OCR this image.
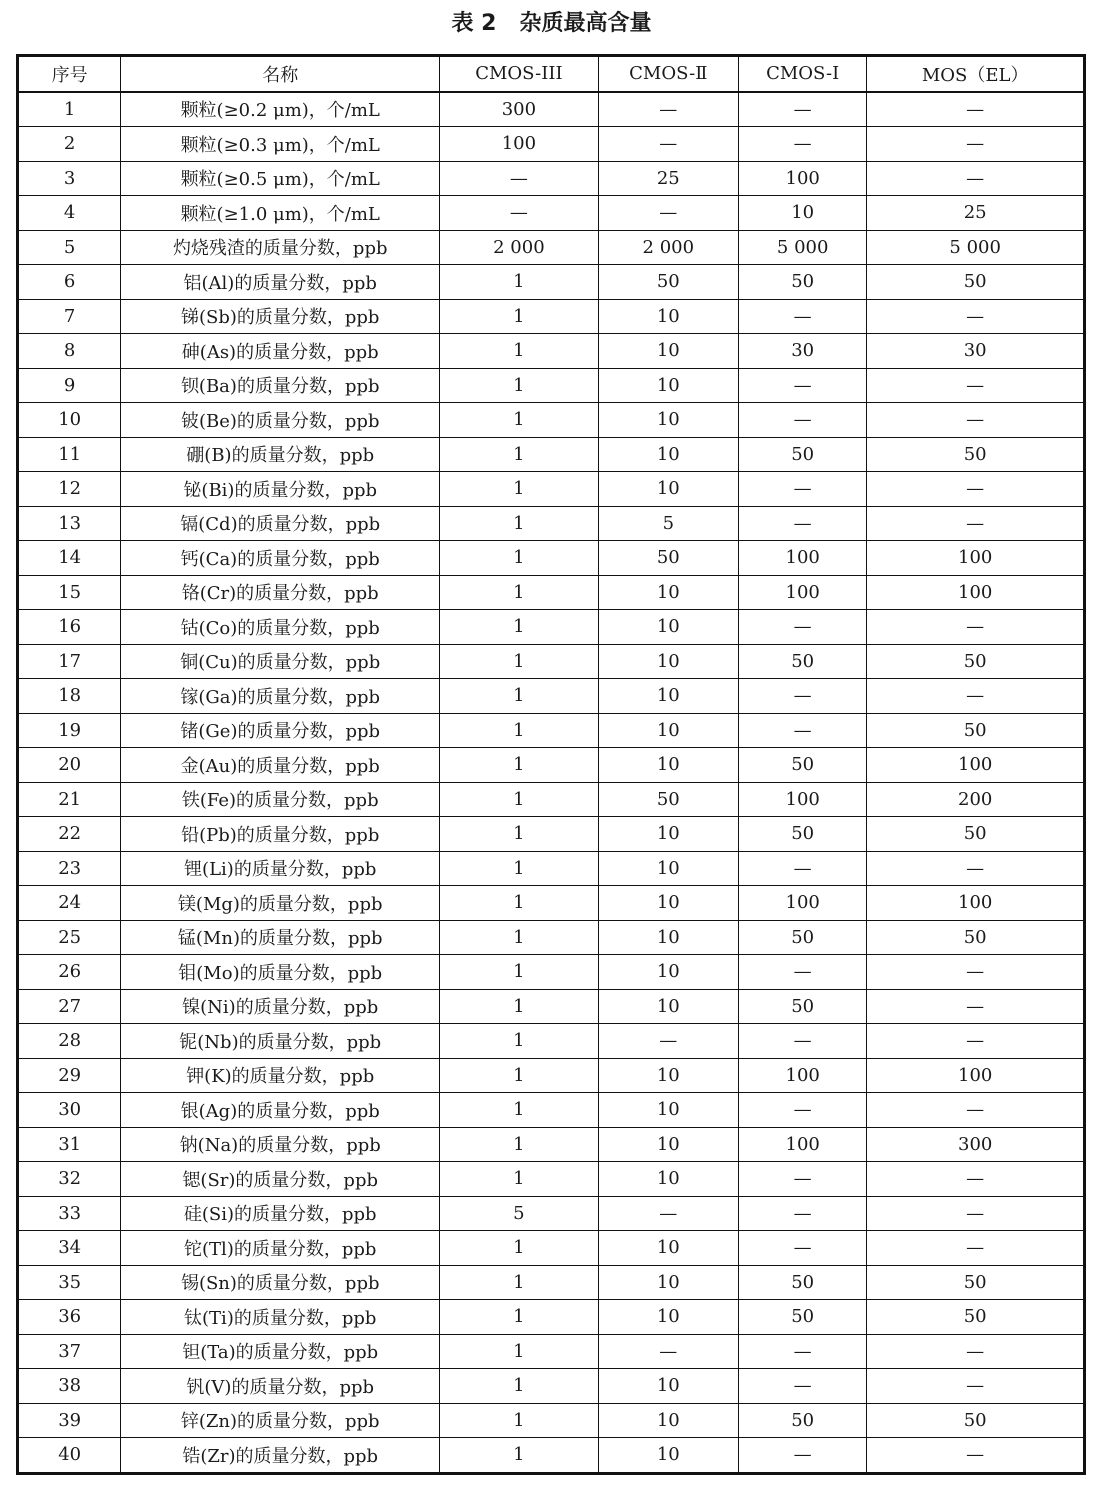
表 2   杂质最高含量
序号	名称	CMOS-III	CMOS-Ⅱ	CMOS-Ⅰ	MOS（EL）
1	颗粒(≥0.2 μm)，个/mL	300	—	—	—
2	颗粒(≥0.3 μm)，个/mL	100	—	—	—
3	颗粒(≥0.5 μm)，个/mL	—	25	100	—
4	颗粒(≥1.0 μm)，个/mL	—	—	10	25
5	灼烧残渣的质量分数，ppb	2 000	2 000	5 000	5 000
6	铝(Al)的质量分数，ppb	1	50	50	50
7	锑(Sb)的质量分数，ppb	1	10	—	—
8	砷(As)的质量分数，ppb	1	10	30	30
9	钡(Ba)的质量分数，ppb	1	10	—	—
10	铍(Be)的质量分数，ppb	1	10	—	—
11	硼(B)的质量分数，ppb	1	10	50	50
12	铋(Bi)的质量分数，ppb	1	10	—	—
13	镉(Cd)的质量分数，ppb	1	5	—	—
14	钙(Ca)的质量分数，ppb	1	50	100	100
15	铬(Cr)的质量分数，ppb	1	10	100	100
16	钴(Co)的质量分数，ppb	1	10	—	—
17	铜(Cu)的质量分数，ppb	1	10	50	50
18	镓(Ga)的质量分数，ppb	1	10	—	—
19	锗(Ge)的质量分数，ppb	1	10	—	50
20	金(Au)的质量分数，ppb	1	10	50	100
21	铁(Fe)的质量分数，ppb	1	50	100	200
22	铅(Pb)的质量分数，ppb	1	10	50	50
23	锂(Li)的质量分数，ppb	1	10	—	—
24	镁(Mg)的质量分数，ppb	1	10	100	100
25	锰(Mn)的质量分数，ppb	1	10	50	50
26	钼(Mo)的质量分数，ppb	1	10	—	—
27	镍(Ni)的质量分数，ppb	1	10	50	—
28	铌(Nb)的质量分数，ppb	1	—	—	—
29	钾(K)的质量分数，ppb	1	10	100	100
30	银(Ag)的质量分数，ppb	1	10	—	—
31	钠(Na)的质量分数，ppb	1	10	100	300
32	锶(Sr)的质量分数，ppb	1	10	—	—
33	硅(Si)的质量分数，ppb	5	—	—	—
34	铊(Tl)的质量分数，ppb	1	10	—	—
35	锡(Sn)的质量分数，ppb	1	10	50	50
36	钛(Ti)的质量分数，ppb	1	10	50	50
37	钽(Ta)的质量分数，ppb	1	—	—	—
38	钒(V)的质量分数，ppb	1	10	—	—
39	锌(Zn)的质量分数，ppb	1	10	50	50
40	锆(Zr)的质量分数，ppb	1	10	—	—
